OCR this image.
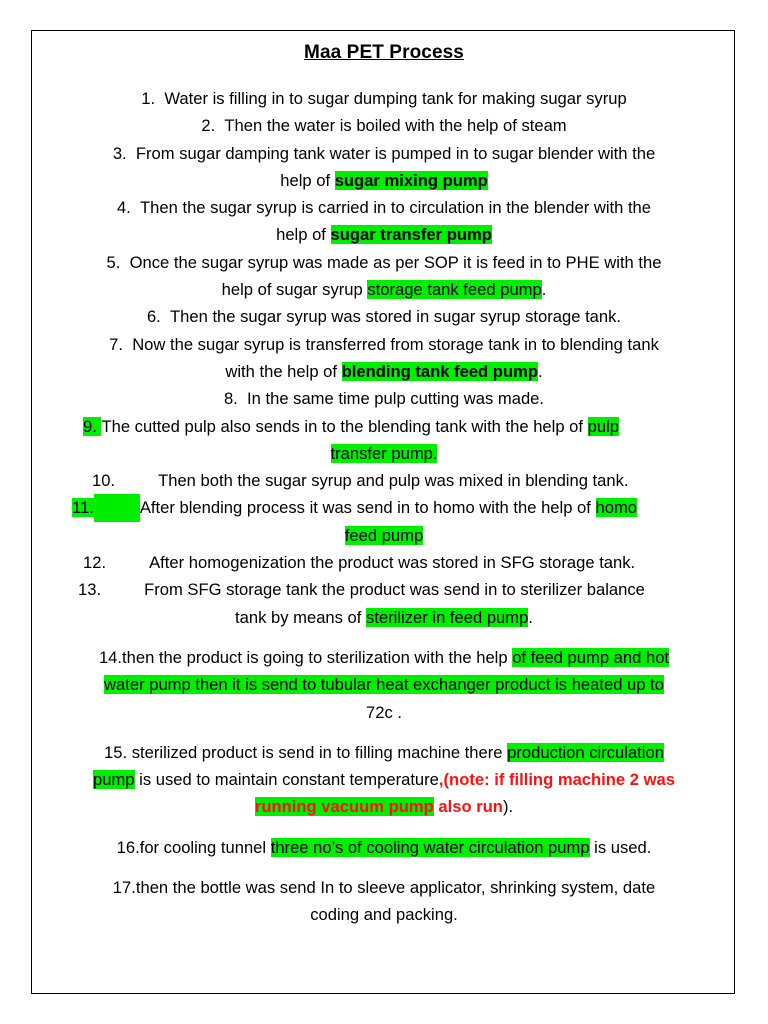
Maa PET Process
1. Water is filling in to sugar dumping tank for making sugar syrup
2. Then the water is boiled with the help of steam
3. From sugar damping tank water is pumped in to sugar blender with the
help of sugar mixing pump
4. Then the sugar syrup is carried in to circulation in the blender with the
help of sugar transfer pump
5. Once the sugar syrup was made as per SOP it is feed in to PHE with the
help of sugar syrup storage tank feed pump.
6. Then the sugar syrup was stored in sugar syrup storage tank.
7. Now the sugar syrup is transferred from storage tank in to blending tank
with the help of blending tank feed pump.
8. In the same time pulp cutting was made.
9. The cutted pulp also sends in to the blending tank with the help of pulp
transfer pump.
10.	Then both the sugar syrup and pulp was mixed in blending tank.
11.	After blending process it was send in to homo with the help of homo
feed pump
12.	After homogenization the product was stored in SFG storage tank.
13.	From SFG storage tank the product was send in to sterilizer balance
tank by means of sterilizer in feed pump.
14.then the product is going to sterilization with the help of feed pump and hot
water pump then it is send to tubular heat exchanger product is heated up to
72c .
15. sterilized product is send in to filling machine there production circulation
pump is used to maintain constant temperature,(note: if filling machine 2 was
running vacuum pump also run).
16.for cooling tunnel three no’s of cooling water circulation pump is used.
17.then the bottle was send In to sleeve applicator, shrinking system, date
coding and packing.
